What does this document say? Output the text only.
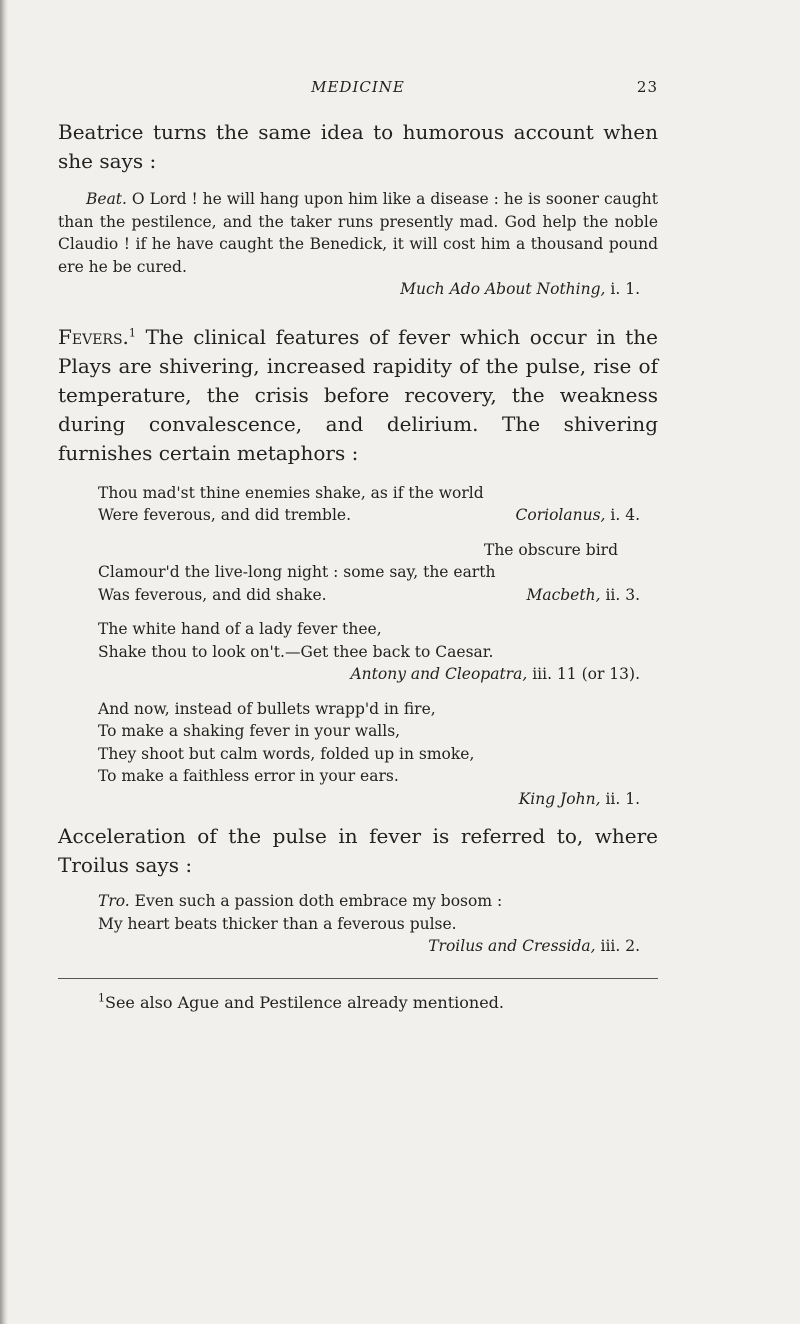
MEDICINE	23

Beatrice turns the same idea to humorous account when she says :

Beat. O Lord ! he will hang upon him like a disease : he is sooner caught than the pestilence, and the taker runs presently mad. God help the noble Claudio ! if he have caught the Benedick, it will cost him a thousand pound ere he be cured.
Much Ado About Nothing, i. 1.

Fevers.$^1$ The clinical features of fever which occur in the Plays are shivering, increased rapidity of the pulse, rise of temperature, the crisis before recovery, the weakness during convalescence, and delirium. The shivering furnishes certain metaphors :

Thou mad'st thine enemies shake, as if the world
Were feverous, and did tremble.	Coriolanus, i. 4.
The obscure bird
Clamour'd the live-long night : some say, the earth
Was feverous, and did shake.	Macbeth, ii. 3.
The white hand of a lady fever thee,
Shake thou to look on't.—Get thee back to Caesar.
Antony and Cleopatra, iii. 11 (or 13).
And now, instead of bullets wrapp'd in fire,
To make a shaking fever in your walls,
They shoot but calm words, folded up in smoke,
To make a faithless error in your ears.
King John, ii. 1.

Acceleration of the pulse in fever is referred to, where Troilus says :

Tro. Even such a passion doth embrace my bosom :
My heart beats thicker than a feverous pulse.
Troilus and Cressida, iii. 2.
$^1$See also Ague and Pestilence already mentioned.
